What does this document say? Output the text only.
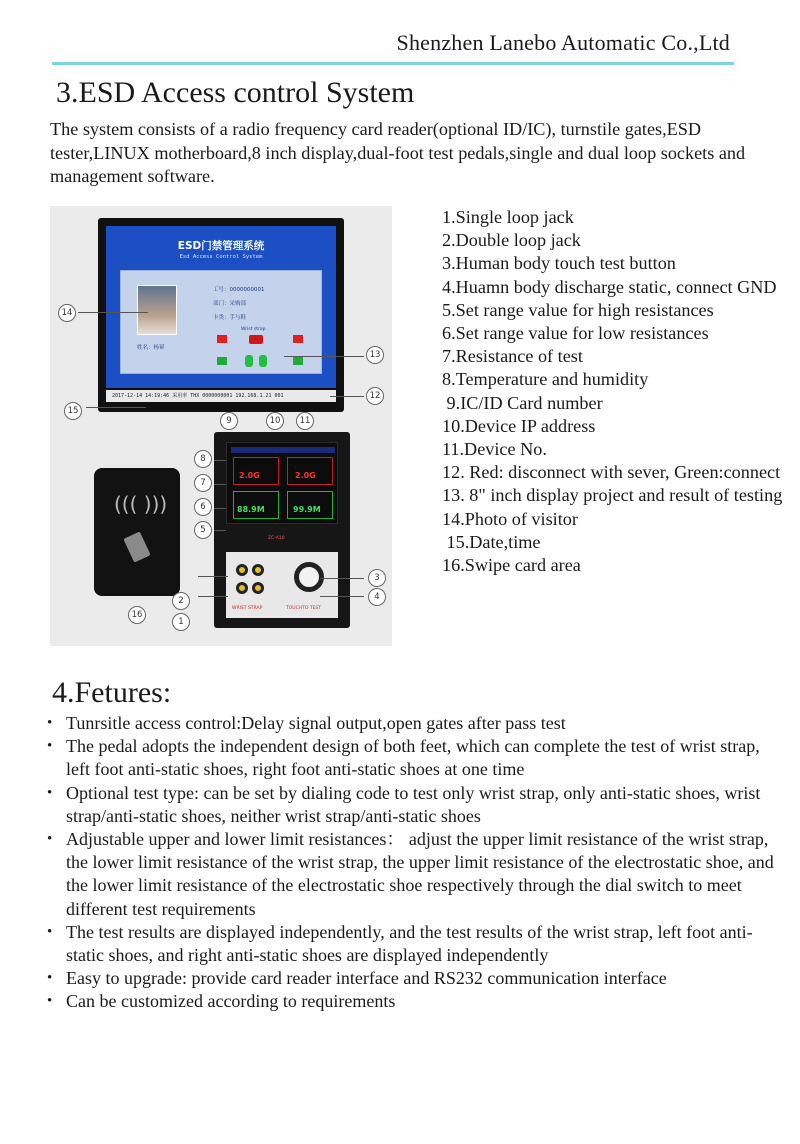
Shenzhen Lanebo Automatic Co.,Ltd
3.ESD Access control System

The system consists of a radio frequency card reader(optional ID/IC), turnstile gates,ESD tester,LINUX motherboard,8 inch display,dual-foot test pedals,single and dual loop sockets and management software.

ESD门禁管理系统
Esd Access Control System
工号：0000000001
部门：采购部
卡类：手与鞋
Wrist strap
姓名：杨幂
2017-12-14 14:19:46 采用率 THX 0000000001 192.168.1.21 001
2.0G	2.0G
88.9M	99.9M
ZC-A10
WRIST STRAP	TOUCHTO TEST
((( )))
14
13
12
15
9	10	11
8
7
6
5
3
4
2
1
16
1.Single loop jack
2.Double loop jack
3.Human body touch test button
4.Huamn body discharge static, connect GND
5.Set range value for high resistances
6.Set range value for low resistances
7.Resistance of test
8.Temperature and humidity
9.IC/ID Card number
10.Device IP address
11.Device No.
12. Red: disconnect with sever, Green:connect
13. 8" inch display project and result of testing
14.Photo of visitor
15.Date,time
16.Swipe card area
4.Fetures:
• Tunrsitle access control:Delay signal output,open gates after pass test
• The pedal adopts the independent design of both feet, which can complete the test of wrist strap, left foot anti-static shoes, right foot anti-static shoes at one time
• Optional test type: can be set by dialing code to test only wrist strap, only anti-static shoes, wrist strap/anti-static shoes, neither wrist strap/anti-static shoes
• Adjustable upper and lower limit resistances： adjust the upper limit resistance of the wrist strap, the lower limit resistance of the wrist strap, the upper limit resistance of the electrostatic shoe, and the lower limit resistance of the electrostatic shoe respectively through the dial switch to meet different test requirements
• The test results are displayed independently, and the test results of the wrist strap, left foot anti-static shoes, and right anti-static shoes are displayed independently
• Easy to upgrade: provide card reader interface and RS232 communication interface
• Can be customized according to requirements
